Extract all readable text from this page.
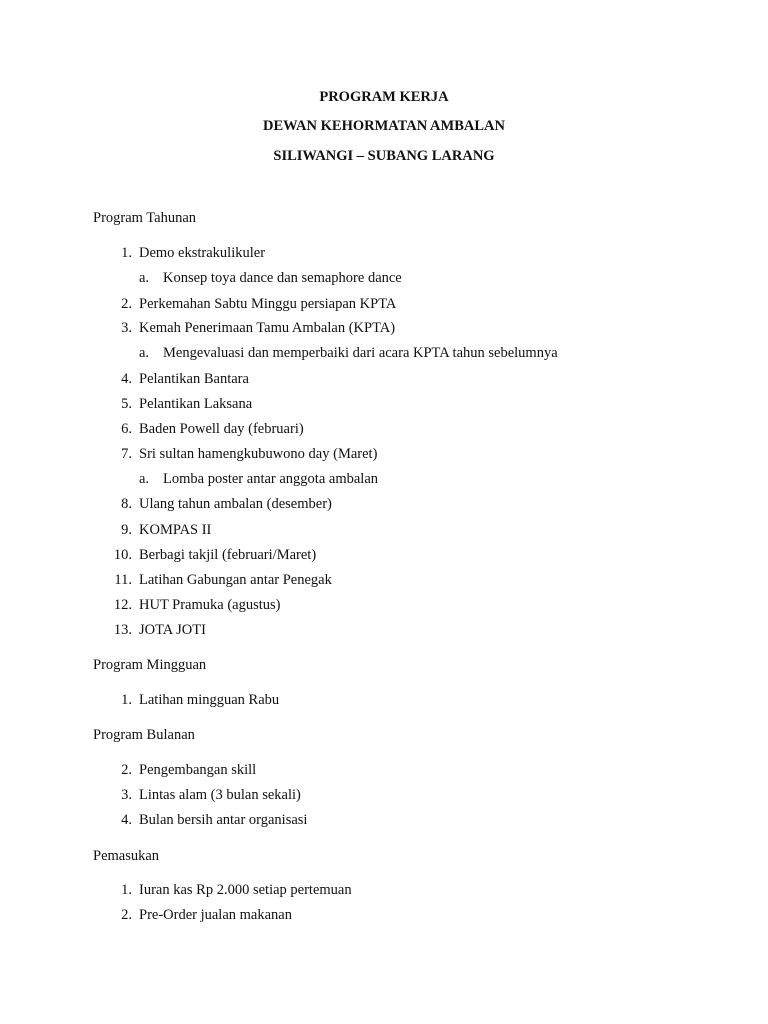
PROGRAM KERJA

DEWAN KEHORMATAN AMBALAN

SILIWANGI – SUBANG LARANG

Program Tahunan

1. Demo ekstrakulikuler
a. Konsep toya dance dan semaphore dance
2. Perkemahan Sabtu Minggu persiapan KPTA
3. Kemah Penerimaan Tamu Ambalan (KPTA)
a. Mengevaluasi dan memperbaiki dari acara KPTA tahun sebelumnya
4. Pelantikan Bantara
5. Pelantikan Laksana
6. Baden Powell day (februari)
7. Sri sultan hamengkubuwono day (Maret)
a. Lomba poster antar anggota ambalan
8. Ulang tahun ambalan (desember)
9. KOMPAS II
10. Berbagi takjil (februari/Maret)
11. Latihan Gabungan antar Penegak
12. HUT Pramuka (agustus)
13. JOTA JOTI

Program Mingguan

1. Latihan mingguan Rabu

Program Bulanan

2. Pengembangan skill
3. Lintas alam (3 bulan sekali)
4. Bulan bersih antar organisasi

Pemasukan

1. Iuran kas Rp 2.000 setiap pertemuan
2. Pre-Order jualan makanan
